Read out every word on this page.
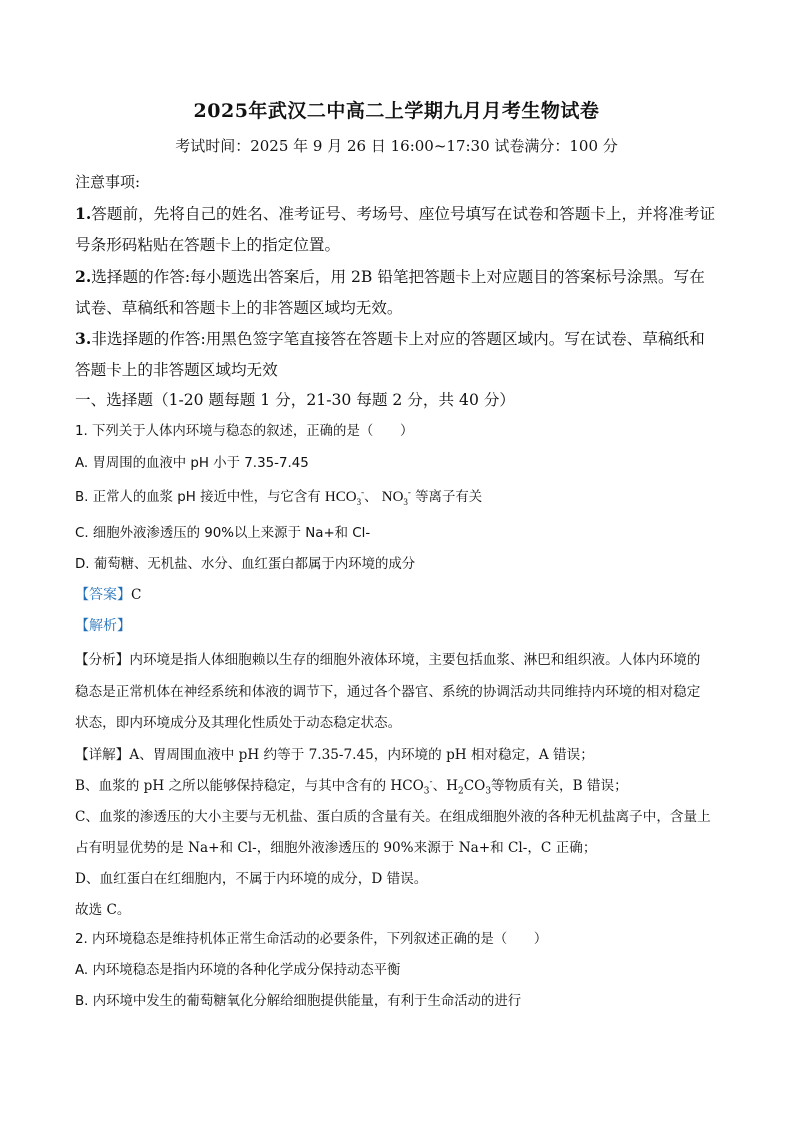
2025年武汉二中高二上学期九月月考生物试卷
考试时间：2025 年 9 月 26 日 16:00~17:30 试卷满分：100 分
注意事项:
1.答题前，先将自己的姓名、准考证号、考场号、座位号填写在试卷和答题卡上，并将准考证
号条形码粘贴在答题卡上的指定位置。
2.选择题的作答:每小题选出答案后，用 2B 铅笔把答题卡上对应题目的答案标号涂黑。写在
试卷、草稿纸和答题卡上的非答题区域均无效。
3.非选择题的作答:用黑色签字笔直接答在答题卡上对应的答题区域内。写在试卷、草稿纸和
答题卡上的非答题区域均无效
一、选择题（1-20 题每题 1 分，21-30 每题 2 分，共 40 分）
1. 下列关于人体内环境与稳态的叙述，正确的是（　　）
A. 胃周围的血液中 pH 小于 7.35-7.45
B. 正常人的血浆 pH 接近中性，与它含有 $HCO_3^-$、 $NO_3^-$ 等离子有关
C. 细胞外液渗透压的 90%以上来源于 Na+和 Cl-
D. 葡萄糖、无机盐、水分、血红蛋白都属于内环境的成分
【答案】C
【解析】
【分析】内环境是指人体细胞赖以生存的细胞外液体环境，主要包括血浆、淋巴和组织液。人体内环境的
稳态是正常机体在神经系统和体液的调节下，通过各个器官、系统的协调活动共同维持内环境的相对稳定
状态，即内环境成分及其理化性质处于动态稳定状态。
【详解】A、胃周围血液中 pH 约等于 7.35-7.45，内环境的 pH 相对稳定，A 错误；
B、血浆的 pH 之所以能够保持稳定，与其中含有的 $HCO_3^-$、$H_2CO_3$等物质有关，B 错误；
C、血浆的渗透压的大小主要与无机盐、蛋白质的含量有关。在组成细胞外液的各种无机盐离子中，含量上
占有明显优势的是 Na+和 Cl-，细胞外液渗透压的 90%来源于 Na+和 Cl-，C 正确；
D、血红蛋白在红细胞内，不属于内环境的成分，D 错误。
故选 C。
2. 内环境稳态是维持机体正常生命活动的必要条件，下列叙述正确的是（　　）
A. 内环境稳态是指内环境的各种化学成分保持动态平衡
B. 内环境中发生的葡萄糖氧化分解给细胞提供能量，有利于生命活动的进行
